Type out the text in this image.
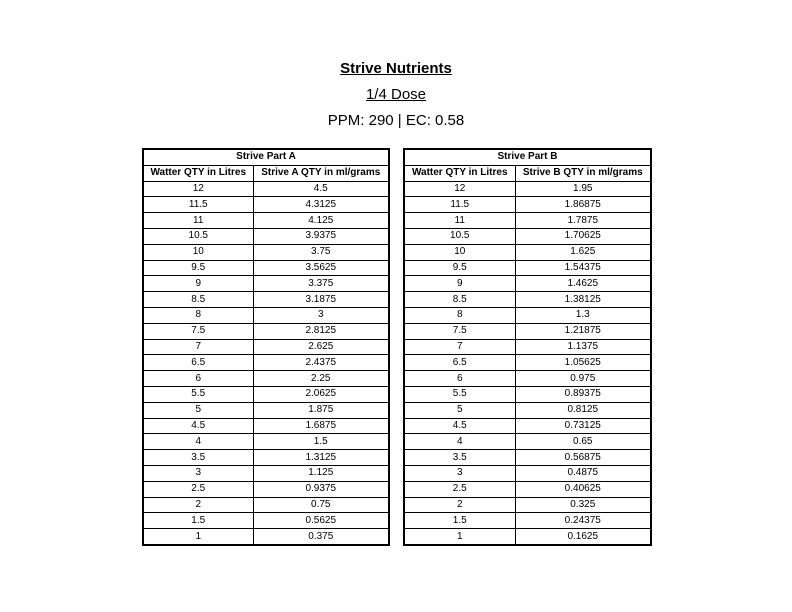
Strive Nutrients
1/4 Dose
PPM: 290 | EC: 0.58
Strive Part A	
Watter QTY in Litres	Strive A QTY in ml/grams
12	4.5
11.5	4.3125
11	4.125
10.5	3.9375
10	3.75
9.5	3.5625
9	3.375
8.5	3.1875
8	3
7.5	2.8125
7	2.625
6.5	2.4375
6	2.25
5.5	2.0625
5	1.875
4.5	1.6875
4	1.5
3.5	1.3125
3	1.125
2.5	0.9375
2	0.75
1.5	0.5625
1	0.375
Strive Part B	
Watter QTY in Litres	Strive B QTY in ml/grams
12	1.95
11.5	1.86875
11	1.7875
10.5	1.70625
10	1.625
9.5	1.54375
9	1.4625
8.5	1.38125
8	1.3
7.5	1.21875
7	1.1375
6.5	1.05625
6	0.975
5.5	0.89375
5	0.8125
4.5	0.73125
4	0.65
3.5	0.56875
3	0.4875
2.5	0.40625
2	0.325
1.5	0.24375
1	0.1625
